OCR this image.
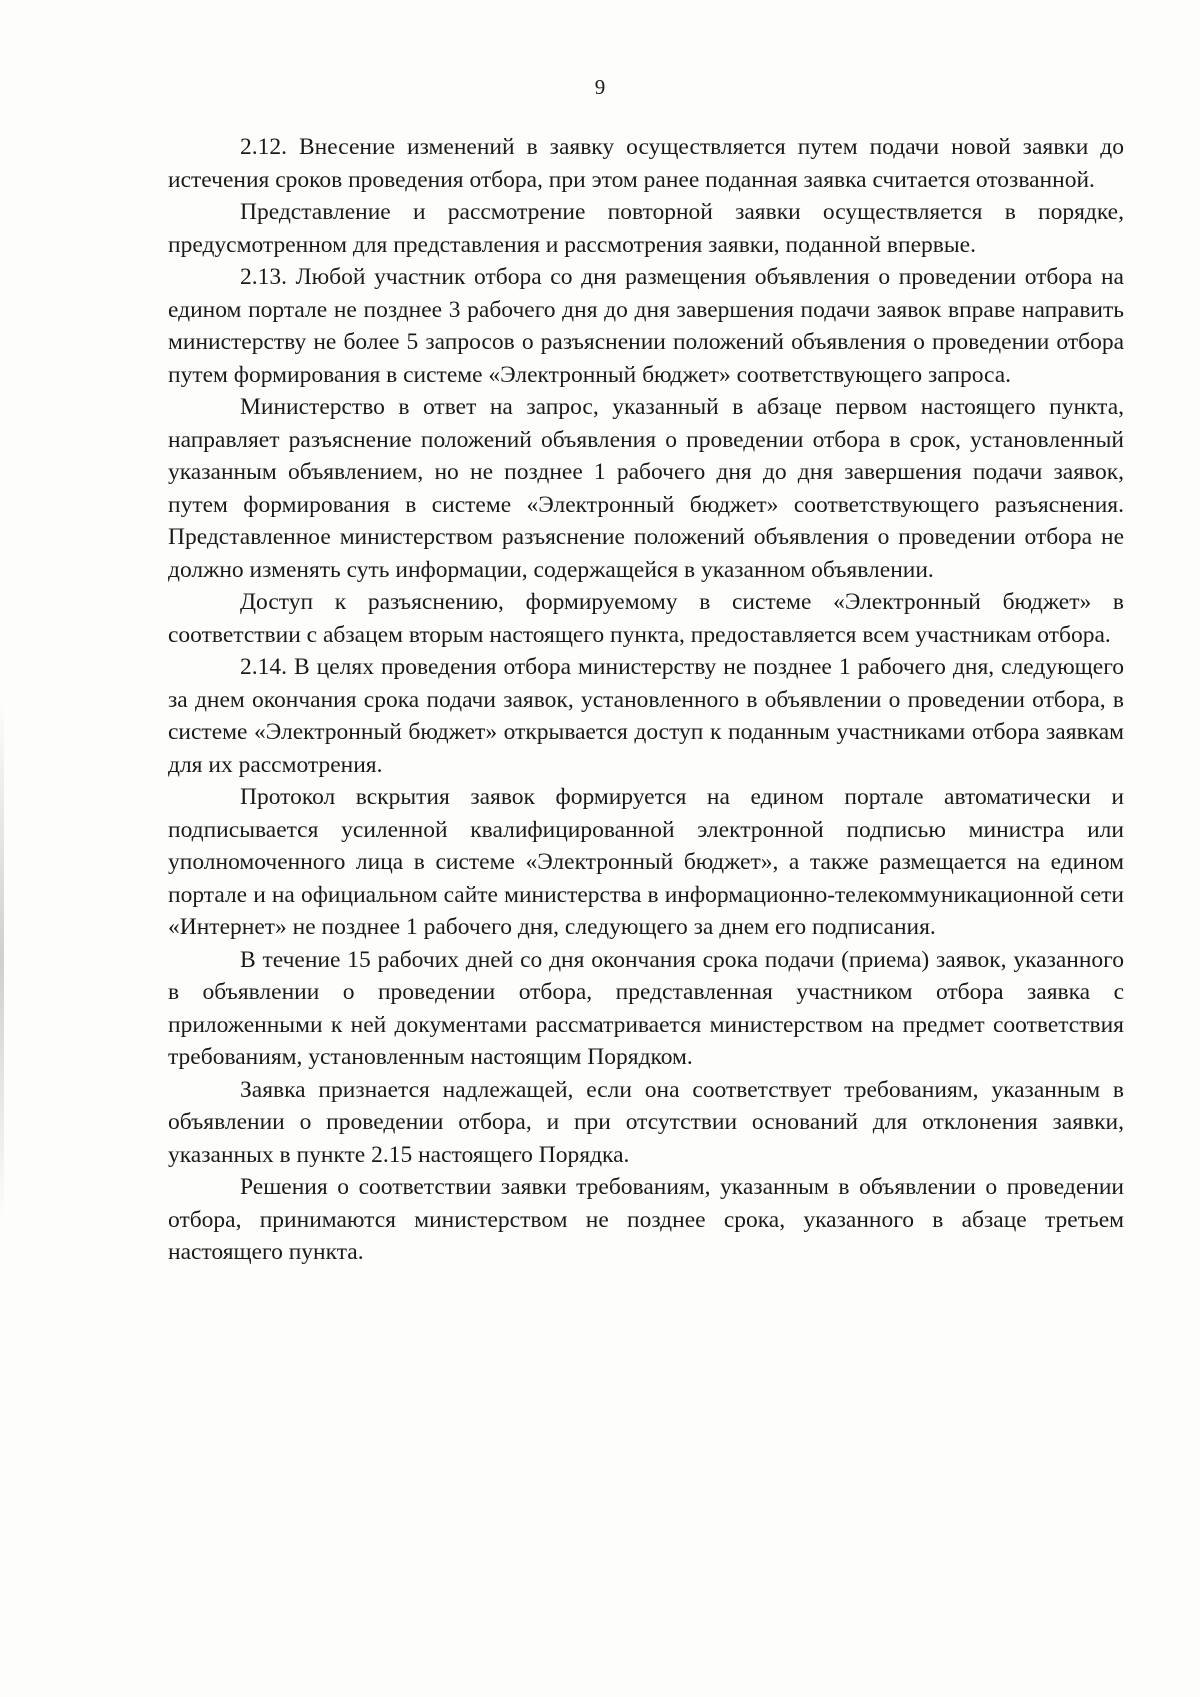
9

2.12. Внесение изменений в заявку осуществляется путем подачи новой заявки до истечения сроков проведения отбора, при этом ранее поданная заявка считается отозванной.

Представление и рассмотрение повторной заявки осуществляется в порядке, предусмотренном для представления и рассмотрения заявки, поданной впервые.

2.13. Любой участник отбора со дня размещения объявления о проведении отбора на едином портале не позднее 3 рабочего дня до дня завершения подачи заявок вправе направить министерству не более 5 запросов о разъяснении положений объявления о проведении отбора путем формирования в системе «Электронный бюджет» соответствующего запроса.

Министерство в ответ на запрос, указанный в абзаце первом настоящего пункта, направляет разъяснение положений объявления о проведении отбора в срок, установленный указанным объявлением, но не позднее 1 рабочего дня до дня завершения подачи заявок, путем формирования в системе «Электронный бюджет» соответствующего разъяснения. Представленное министерством разъяснение положений объявления о проведении отбора не должно изменять суть информации, содержащейся в указанном объявлении.

Доступ к разъяснению, формируемому в системе «Электронный бюджет» в соответствии с абзацем вторым настоящего пункта, предоставляется всем участникам отбора.

2.14. В целях проведения отбора министерству не позднее 1 рабочего дня, следующего за днем окончания срока подачи заявок, установленного в объявлении о проведении отбора, в системе «Электронный бюджет» открывается доступ к поданным участниками отбора заявкам для их рассмотрения.

Протокол вскрытия заявок формируется на едином портале автоматически и подписывается усиленной квалифицированной электронной подписью министра или уполномоченного лица в системе «Электронный бюджет», а также размещается на едином портале и на официальном сайте министерства в информационно-телекоммуникационной сети «Интернет» не позднее 1 рабочего дня, следующего за днем его подписания.

В течение 15 рабочих дней со дня окончания срока подачи (приема) заявок, указанного в объявлении о проведении отбора, представленная участником отбора заявка с приложенными к ней документами рассматривается министерством на предмет соответствия требованиям, установленным настоящим Порядком.

Заявка признается надлежащей, если она соответствует требованиям, указанным в объявлении о проведении отбора, и при отсутствии оснований для отклонения заявки, указанных в пункте 2.15 настоящего Порядка.

Решения о соответствии заявки требованиям, указанным в объявлении о проведении отбора, принимаются министерством не позднее срока, указанного в абзаце третьем настоящего пункта.
